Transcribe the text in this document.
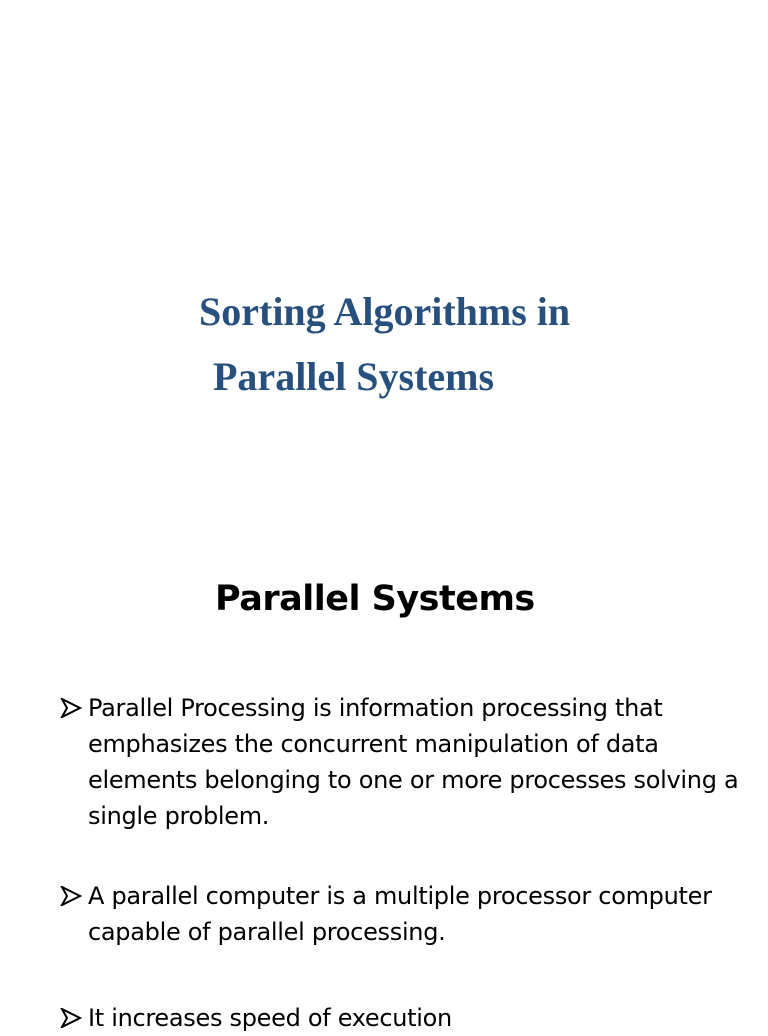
Sorting Algorithms in
Parallel Systems
Parallel Systems
Parallel Processing is information processing that emphasizes the concurrent manipulation of data elements belonging to one or more processes solving a single problem.
A parallel computer is a multiple processor computer capable of parallel processing.
It increases speed of execution
